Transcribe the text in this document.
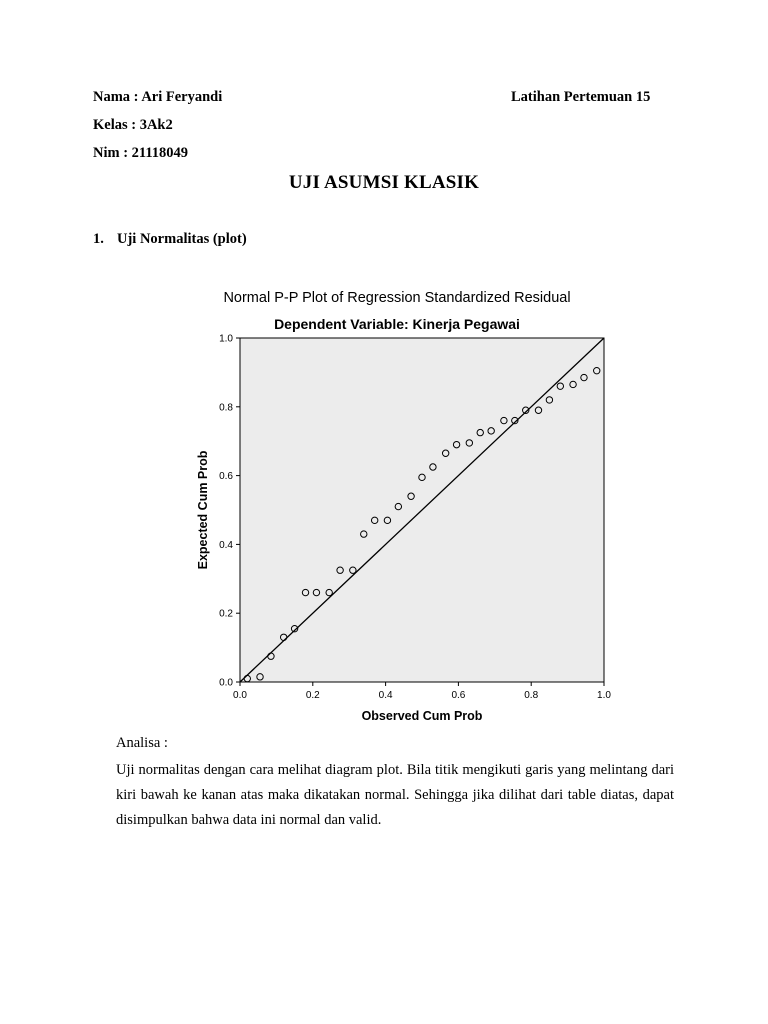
Nama : Ari Feryandi	Latihan Pertemuan 15
Kelas : 3Ak2
Nim : 21118049
UJI ASUMSI KLASIK
1. Uji Normalitas (plot)
Normal P-P Plot of Regression Standardized Residual
Dependent Variable: Kinerja Pegawai
0.0	0.2	0.4	0.6	0.8	1.0
0.0
0.2
0.4
0.6
0.8
1.0
Observed Cum Prob
Expected Cum Prob
Analisa :
Uji normalitas dengan cara melihat diagram plot. Bila titik mengikuti garis yang melintang dari kiri bawah ke kanan atas maka dikatakan normal. Sehingga jika dilihat dari table diatas, dapat disimpulkan bahwa data ini normal dan valid.
